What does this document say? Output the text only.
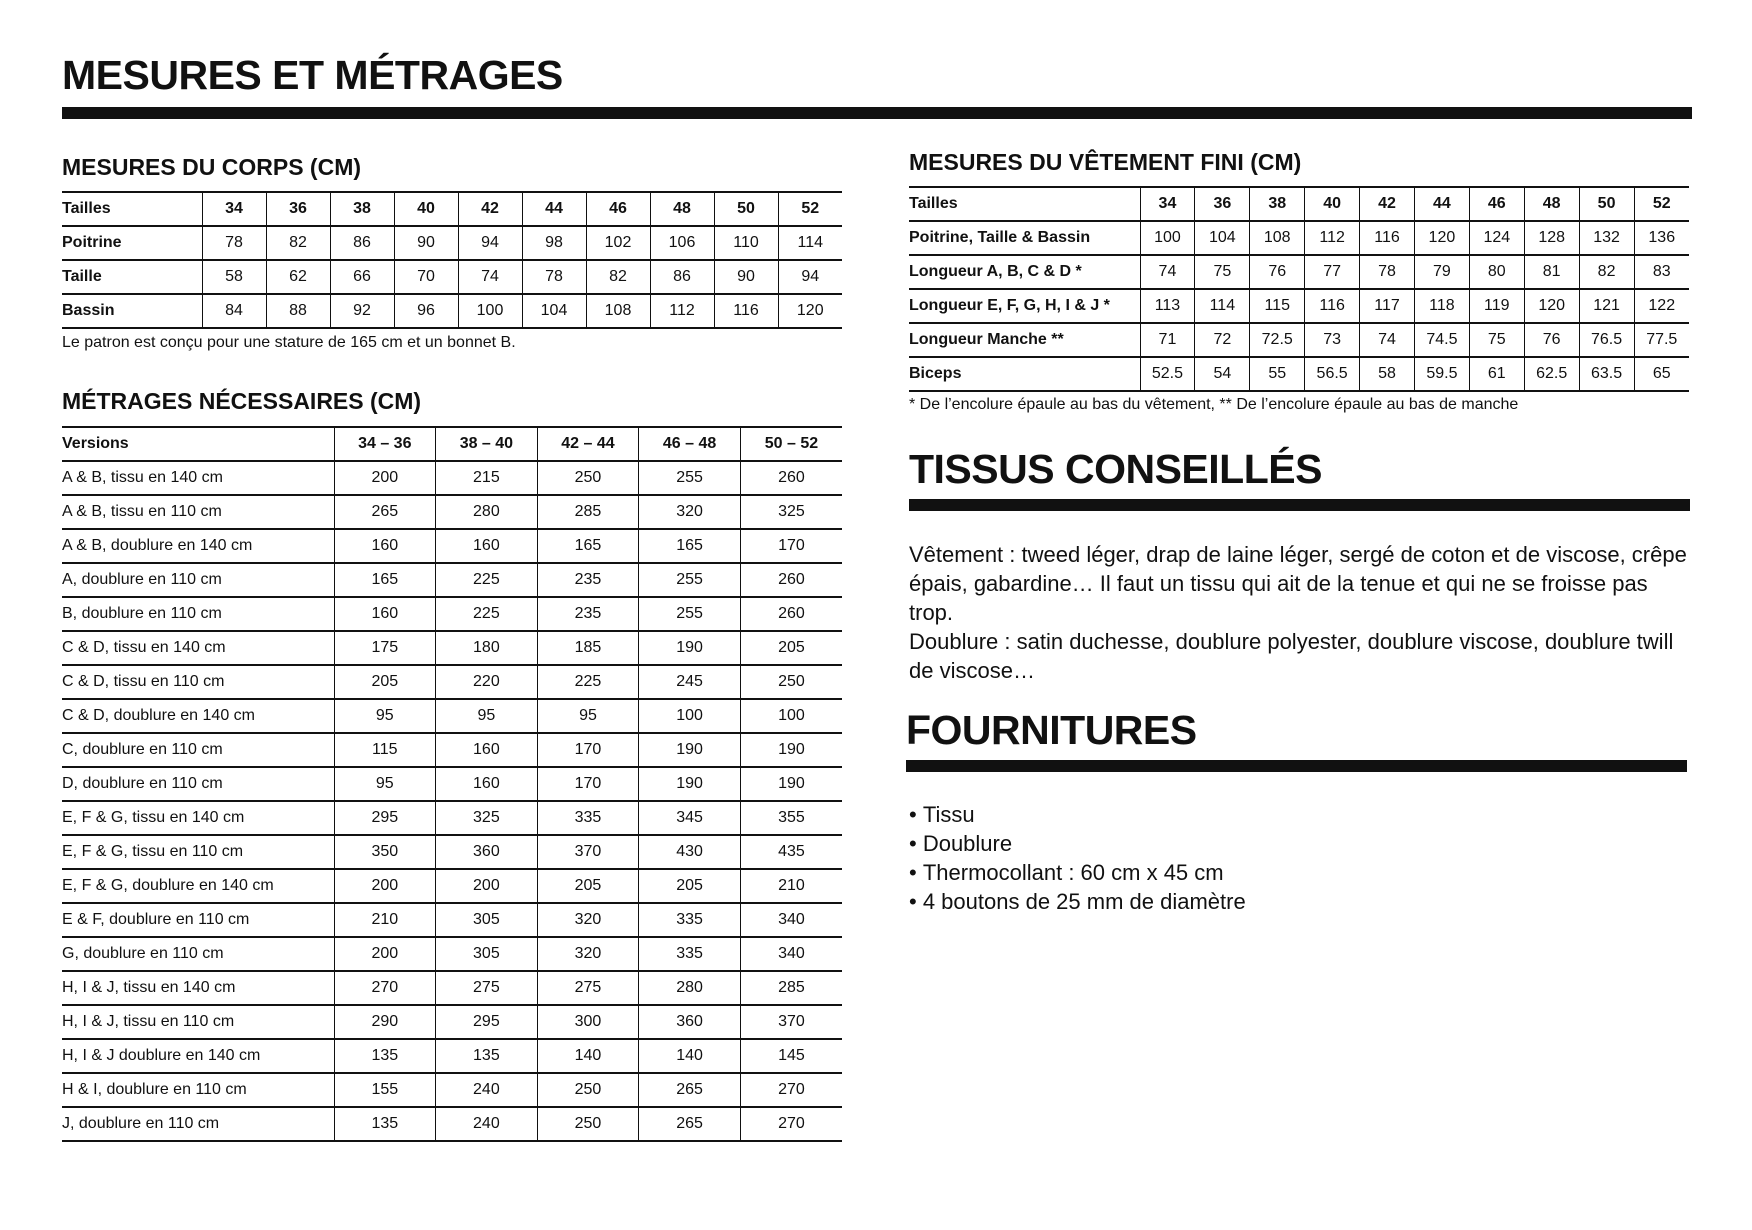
MESURES ET MÉTRAGES
MESURES DU CORPS (CM)
Tailles	34	36	38	40	42	44	46	48	50	52
Poitrine	78	82	86	90	94	98	102	106	110	114
Taille	58	62	66	70	74	78	82	86	90	94
Bassin	84	88	92	96	100	104	108	112	116	120
Le patron est conçu pour une stature de 165 cm et un bonnet B.
MÉTRAGES NÉCESSAIRES (CM)
Versions	34 – 36	38 – 40	42 – 44	46 – 48	50 – 52
A & B, tissu en 140 cm	200	215	250	255	260
A & B, tissu en 110 cm	265	280	285	320	325
A & B, doublure en 140 cm	160	160	165	165	170
A, doublure en 110 cm	165	225	235	255	260
B, doublure en 110 cm	160	225	235	255	260
C & D, tissu en 140 cm	175	180	185	190	205
C & D, tissu en 110 cm	205	220	225	245	250
C & D, doublure en 140 cm	95	95	95	100	100
C, doublure en 110 cm	115	160	170	190	190
D, doublure en 110 cm	95	160	170	190	190
E, F & G, tissu en 140 cm	295	325	335	345	355
E, F & G, tissu en 110 cm	350	360	370	430	435
E, F & G, doublure en 140 cm	200	200	205	205	210
E & F, doublure en 110 cm	210	305	320	335	340
G, doublure en 110 cm	200	305	320	335	340
H, I & J, tissu en 140 cm	270	275	275	280	285
H, I & J, tissu en 110 cm	290	295	300	360	370
H, I & J doublure en 140 cm	135	135	140	140	145
H & I, doublure en 110 cm	155	240	250	265	270
J, doublure en 110 cm	135	240	250	265	270
MESURES DU VÊTEMENT FINI (CM)
Tailles	34	36	38	40	42	44	46	48	50	52
Poitrine, Taille & Bassin	100	104	108	112	116	120	124	128	132	136
Longueur A, B, C & D *	74	75	76	77	78	79	80	81	82	83
Longueur E, F, G, H, I & J *	113	114	115	116	117	118	119	120	121	122
Longueur Manche **	71	72	72.5	73	74	74.5	75	76	76.5	77.5
Biceps	52.5	54	55	56.5	58	59.5	61	62.5	63.5	65
* De l’encolure épaule au bas du vêtement, ** De l’encolure épaule au bas de manche
TISSUS CONSEILLÉS

Vêtement : tweed léger, drap de laine léger, sergé de coton et de viscose, crêpe épais, gabardine… Il faut un tissu qui ait de la tenue et qui ne se froisse pas trop.

Doublure : satin duchesse, doublure polyester, doublure viscose, doublure twill de viscose…

FOURNITURES
• Tissu
• Doublure
• Thermocollant : 60 cm x 45 cm
• 4 boutons de 25 mm de diamètre
